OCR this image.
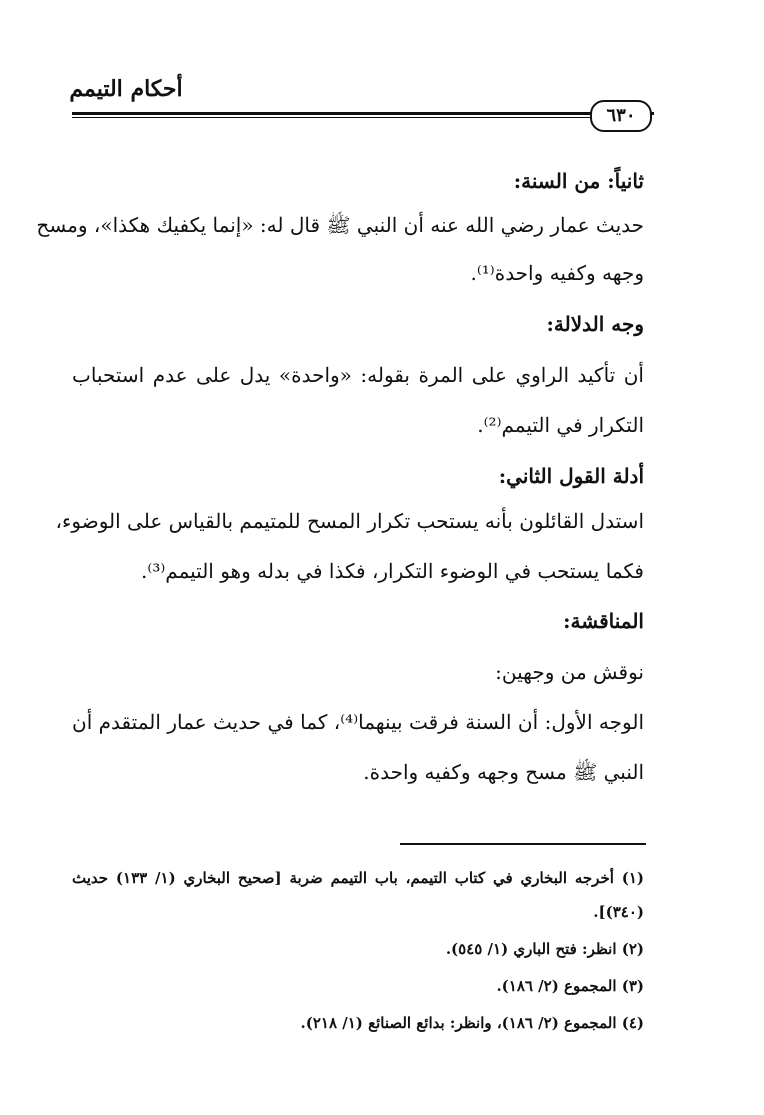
أحكام التيمم
٦٣٠
ثانياً: من السنة:
حديث عمار رضي الله عنه أن النبي ﷺ قال له: «إنما يكفيك هكذا»، ومسح
وجهه وكفيه واحدة⁽¹⁾.
وجه الدلالة:
أن تأكيد الراوي على المرة بقوله: «واحدة» يدل على عدم استحباب
التكرار في التيمم⁽²⁾.
أدلة القول الثاني:
استدل القائلون بأنه يستحب تكرار المسح للمتيمم بالقياس على الوضوء،
فكما يستحب في الوضوء التكرار، فكذا في بدله وهو التيمم⁽³⁾.
المناقشة:
نوقش من وجهين:
الوجه الأول: أن السنة فرقت بينهما⁽⁴⁾، كما في حديث عمار المتقدم أن
النبي ﷺ مسح وجهه وكفيه واحدة.
(١) أخرجه البخاري في كتاب التيمم، باب التيمم ضربة [صحيح البخاري (١/ ١٣٣) حديث
(٣٤٠)].
(٢) انظر: فتح الباري (١/ ٥٤٥).
(٣) المجموع (٢/ ١٨٦).
(٤) المجموع (٢/ ١٨٦)، وانظر: بدائع الصنائع (١/ ٢١٨).
